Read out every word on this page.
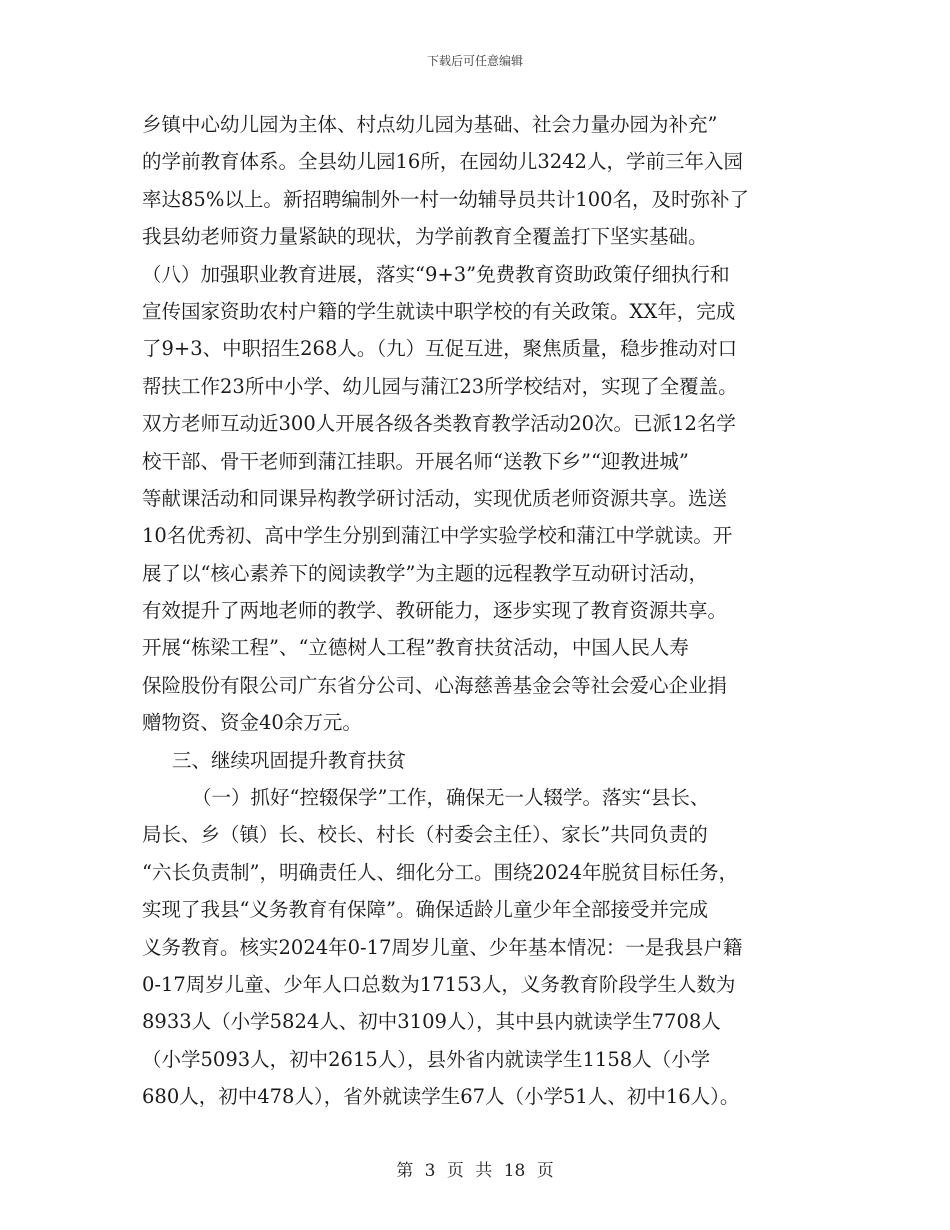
下载后可任意编辑
乡镇中心幼儿园为主体、村点幼儿园为基础、社会力量办园为补充”
的学前教育体系。全县幼儿园16所，在园幼儿3242人，学前三年入园
率达85%以上。新招聘编制外一村一幼辅导员共计100名，及时弥补了
我县幼老师资力量紧缺的现状，为学前教育全覆盖打下坚实基础。
（八）加强职业教育进展，落实“9+3”免费教育资助政策仔细执行和
宣传国家资助农村户籍的学生就读中职学校的有关政策。XX年，完成
了9+3、中职招生268人。（九）互促互进，聚焦质量，稳步推动对口
帮扶工作23所中小学、幼儿园与蒲江23所学校结对，实现了全覆盖。
双方老师互动近300人开展各级各类教育教学活动20次。已派12名学
校干部、骨干老师到蒲江挂职。开展名师“送教下乡”“迎教进城”
等献课活动和同课异构教学研讨活动，实现优质老师资源共享。选送
10名优秀初、高中学生分别到蒲江中学实验学校和蒲江中学就读。开
展了以“核心素养下的阅读教学”为主题的远程教学互动研讨活动，
有效提升了两地老师的教学、教研能力，逐步实现了教育资源共享。
开展“栋梁工程”、“立德树人工程”教育扶贫活动，中国人民人寿
保险股份有限公司广东省分公司、心海慈善基金会等社会爱心企业捐
赠物资、资金40余万元。
三、继续巩固提升教育扶贫
（一）抓好“控辍保学”工作，确保无一人辍学。落实“县长、
局长、乡（镇）长、校长、村长（村委会主任）、家长”共同负责的
“六长负责制”，明确责任人、细化分工。围绕2024年脱贫目标任务，
实现了我县“义务教育有保障”。确保适龄儿童少年全部接受并完成
义务教育。核实2024年0-17周岁儿童、少年基本情况：一是我县户籍
0-17周岁儿童、少年人口总数为17153人，义务教育阶段学生人数为
8933人（小学5824人、初中3109人），其中县内就读学生7708人
（小学5093人，初中2615人），县外省内就读学生1158人（小学
680人，初中478人），省外就读学生67人（小学51人、初中16人）。
第 3 页 共 18 页
